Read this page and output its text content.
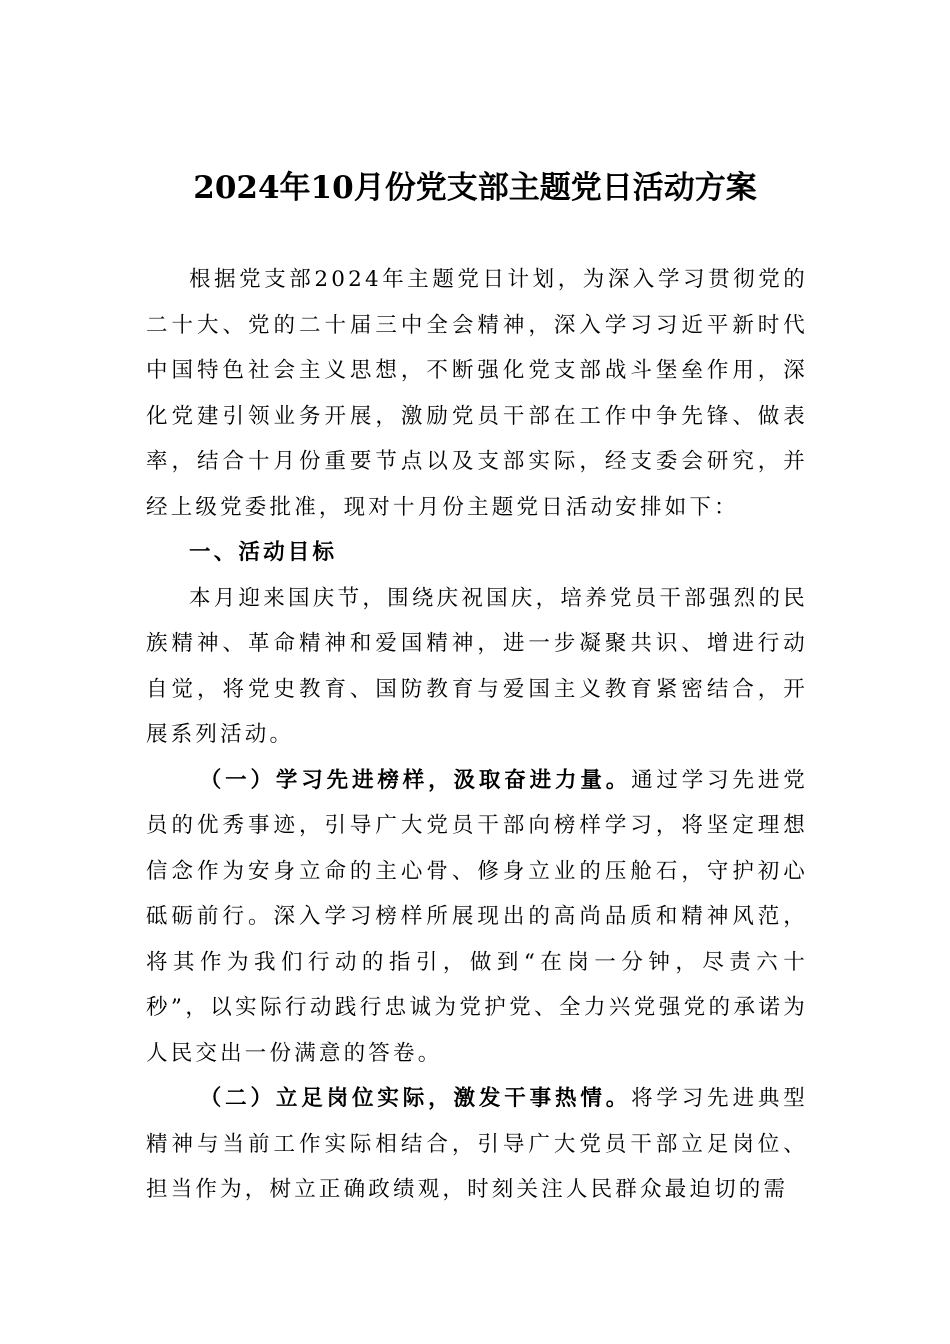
2024年10月份党支部主题党日活动方案

根据党支部2024年主题党日计划，为深入学习贯彻党的二十大、党的二十届三中全会精神，深入学习习近平新时代中国特色社会主义思想，不断强化党支部战斗堡垒作用，深化党建引领业务开展，激励党员干部在工作中争先锋、做表率，结合十月份重要节点以及支部实际，经支委会研究，并经上级党委批准，现对十月份主题党日活动安排如下：

一、活动目标

本月迎来国庆节，围绕庆祝国庆，培养党员干部强烈的民族精神、革命精神和爱国精神，进一步凝聚共识、增进行动自觉，将党史教育、国防教育与爱国主义教育紧密结合，开展系列活动。

（一）学习先进榜样，汲取奋进力量。通过学习先进党员的优秀事迹，引导广大党员干部向榜样学习，将坚定理想信念作为安身立命的主心骨、修身立业的压舱石，守护初心砥砺前行。深入学习榜样所展现出的高尚品质和精神风范，将其作为我们行动的指引，做到“在岗一分钟，尽责六十秒”，以实际行动践行忠诚为党护党、全力兴党强党的承诺为人民交出一份满意的答卷。

（二）立足岗位实际，激发干事热情。将学习先进典型精神与当前工作实际相结合，引导广大党员干部立足岗位、担当作为，树立正确政绩观，时刻关注人民群众最迫切的需
